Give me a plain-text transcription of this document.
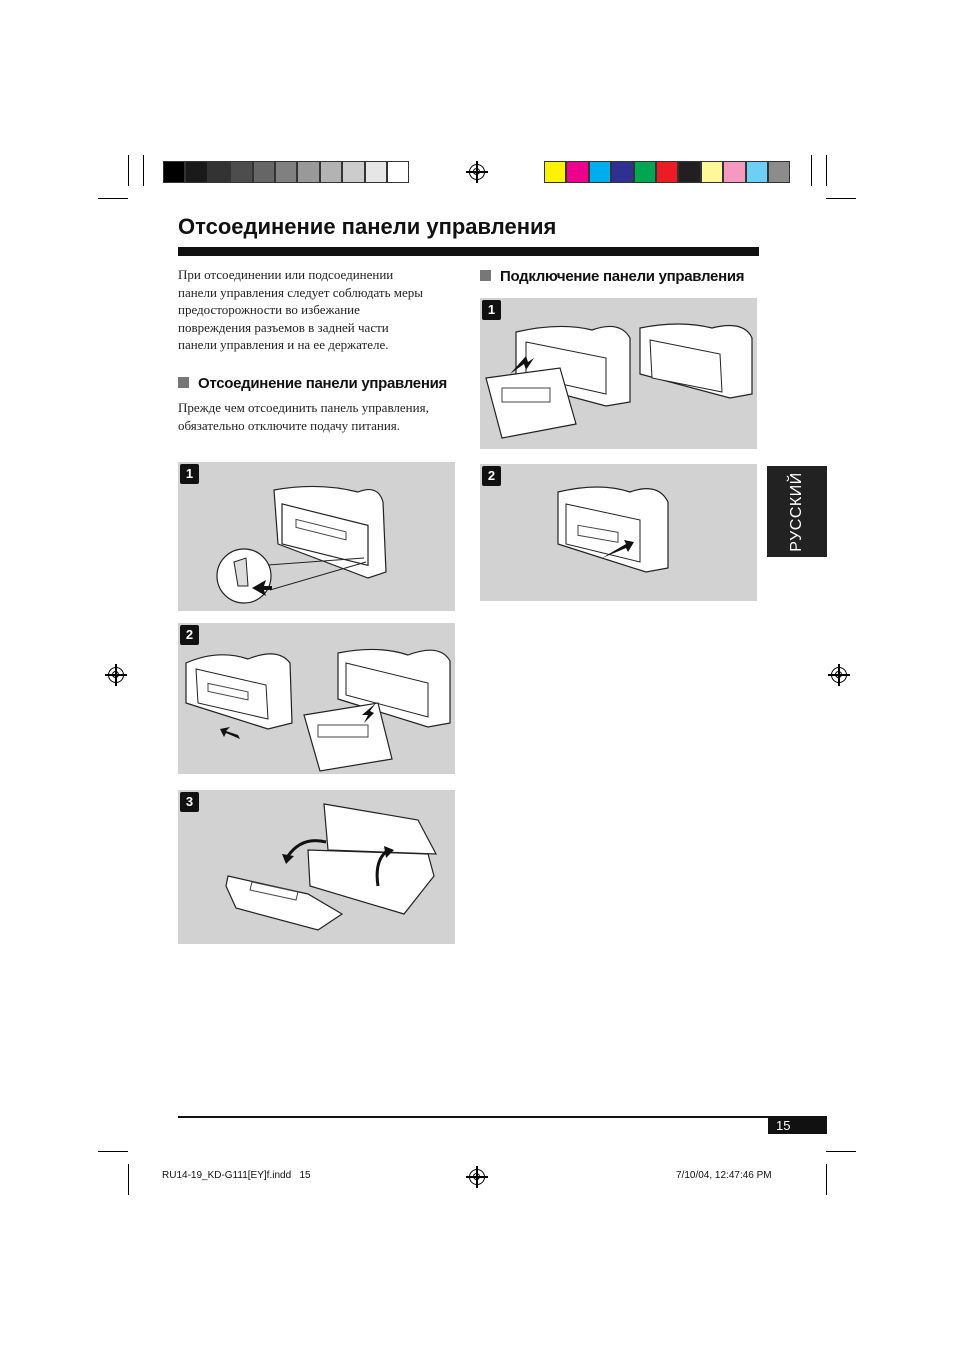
Отсоединение панели управления
При отсоединении или подсоединении панели управления следует соблюдать меры предосторожности во избежание повреждения разъемов в задней части панели управления и на ее держателе.
Отсоединение панели управления
Прежде чем отсоединить панель управления, обязательно отключите подачу питания.
Подключение панели управления
1
2
3
1
2	РУССКИЙ
15
RU14-19_KD-G111[EY]f.indd   15	7/10/04, 12:47:46 PM
